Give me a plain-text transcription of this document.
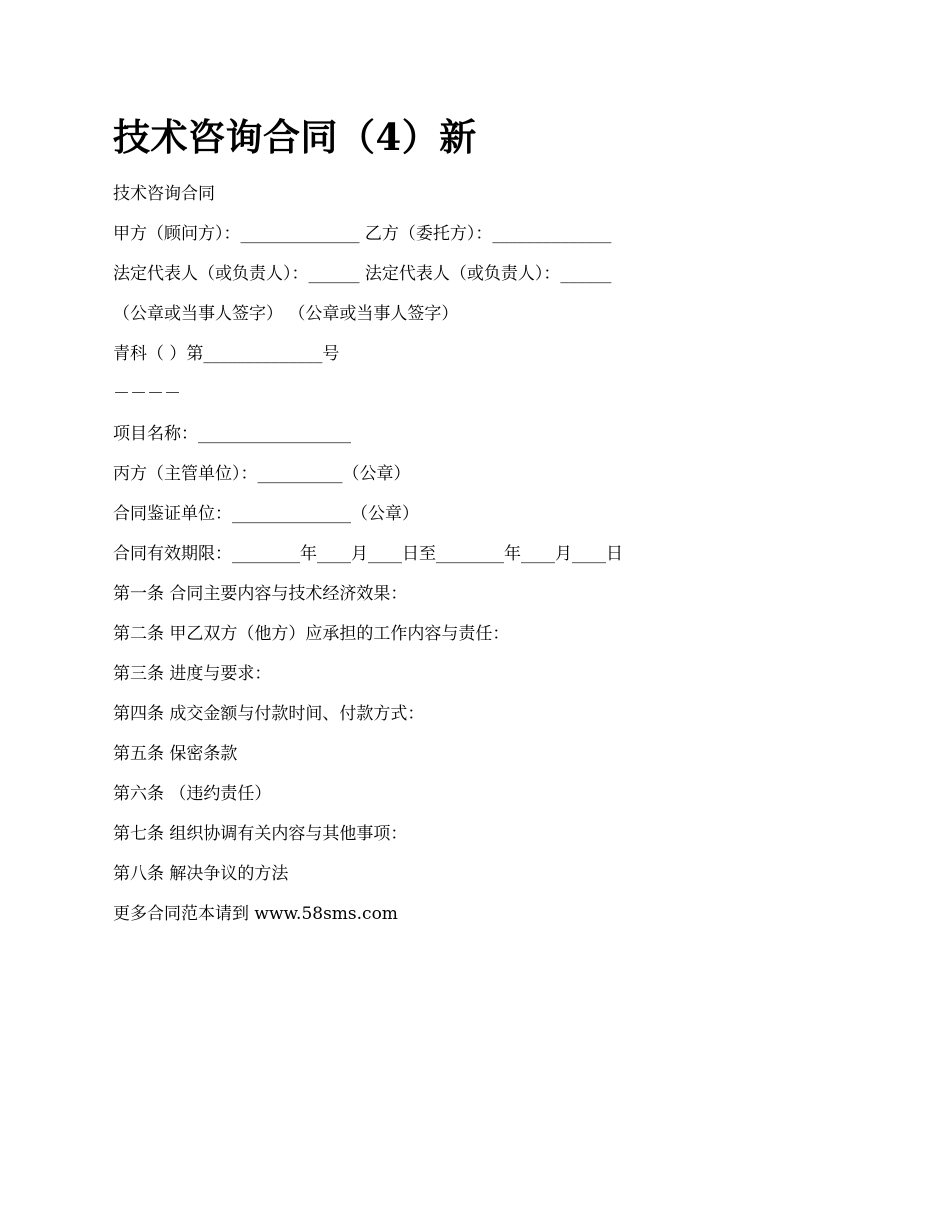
技术咨询合同（4）新
技术咨询合同
甲方（顾问方）：______________ 乙方（委托方）：______________
法定代表人（或负责人）：______ 法定代表人（或负责人）：______
（公章或当事人签字） （公章或当事人签字）
青科（ ）第______________号
－－－－
项目名称：__________________
丙方（主管单位）：__________（公章）
合同鉴证单位：______________（公章）
合同有效期限：________年____月____日至________年____月____日
第一条 合同主要内容与技术经济效果：
第二条 甲乙双方（他方）应承担的工作内容与责任：
第三条 进度与要求：
第四条 成交金额与付款时间、付款方式：
第五条 保密条款
第六条 （违约责任）
第七条 组织协调有关内容与其他事项：
第八条 解决争议的方法
更多合同范本请到 www.58sms.com
